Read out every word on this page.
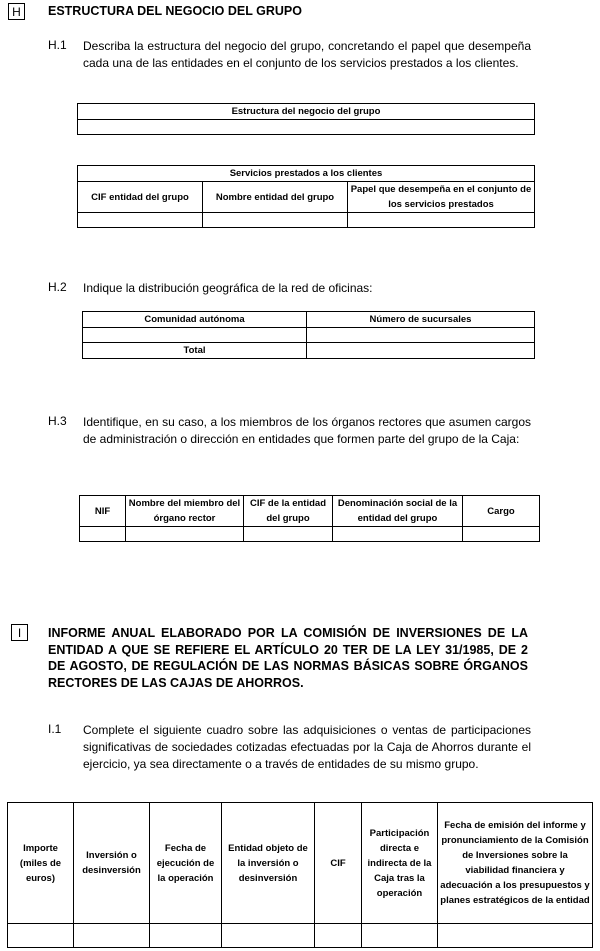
H	ESTRUCTURA DEL NEGOCIO DEL GRUPO
H.1 Describa la estructura del negocio del grupo, concretando el papel que desempeña cada una de las entidades en el conjunto de los servicios prestados a los clientes.
Estructura del negocio del grupo

Servicios prestados a los clientes		
CIF entidad del grupo	Nombre entidad del grupo	Papel que desempeña en el conjunto de los servicios prestados

H.2 Indique la distribución geográfica de la red de oficinas:
Comunidad autónoma	Número de sucursales

Total	
H.3 Identifique, en su caso, a los miembros de los órganos rectores que asumen cargos de administración o dirección en entidades que formen parte del grupo de la Caja:
NIF	Nombre del miembro del órgano rector	CIF de la entidad del grupo	Denominación social de la entidad del grupo	Cargo

I	INFORME ANUAL ELABORADO POR LA COMISIÓN DE INVERSIONES DE LA ENTIDAD A QUE SE REFIERE EL ARTÍCULO 20 TER DE LA LEY 31/1985, DE 2 DE AGOSTO, DE REGULACIÓN DE LAS NORMAS BÁSICAS SOBRE ÓRGANOS RECTORES DE LAS CAJAS DE AHORROS.
I.1 Complete el siguiente cuadro sobre las adquisiciones o ventas de participaciones significativas de sociedades cotizadas efectuadas por la Caja de Ahorros durante el ejercicio, ya sea directamente o a través de entidades de su mismo grupo.
Importe (miles de euros)	Inversión o desinversión	Fecha de ejecución de la operación	Entidad objeto de la inversión o desinversión	CIF	Participación directa e indirecta de la Caja tras la operación	Fecha de emisión del informe y pronunciamiento de la Comisión de Inversiones sobre la viabilidad financiera y adecuación a los presupuestos y planes estratégicos de la entidad
